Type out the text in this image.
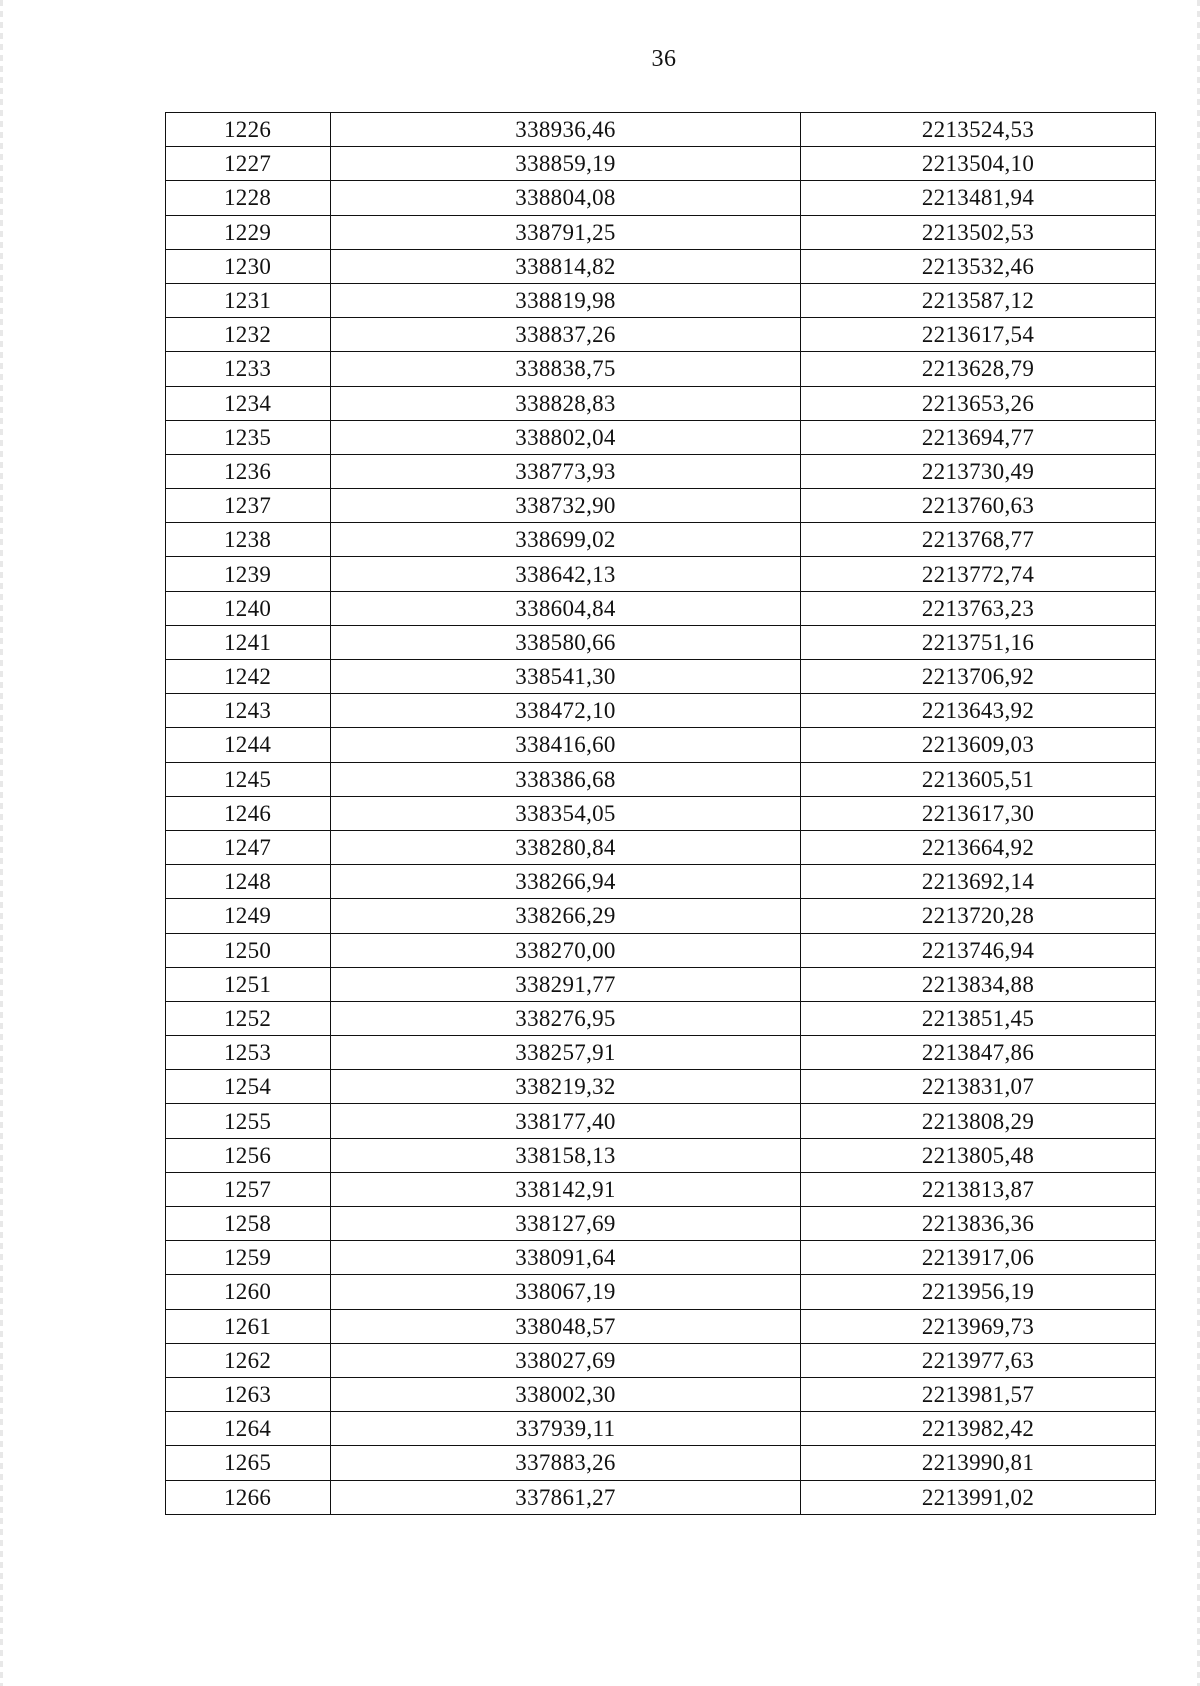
36
1226	338936,46	2213524,53
1227	338859,19	2213504,10
1228	338804,08	2213481,94
1229	338791,25	2213502,53
1230	338814,82	2213532,46
1231	338819,98	2213587,12
1232	338837,26	2213617,54
1233	338838,75	2213628,79
1234	338828,83	2213653,26
1235	338802,04	2213694,77
1236	338773,93	2213730,49
1237	338732,90	2213760,63
1238	338699,02	2213768,77
1239	338642,13	2213772,74
1240	338604,84	2213763,23
1241	338580,66	2213751,16
1242	338541,30	2213706,92
1243	338472,10	2213643,92
1244	338416,60	2213609,03
1245	338386,68	2213605,51
1246	338354,05	2213617,30
1247	338280,84	2213664,92
1248	338266,94	2213692,14
1249	338266,29	2213720,28
1250	338270,00	2213746,94
1251	338291,77	2213834,88
1252	338276,95	2213851,45
1253	338257,91	2213847,86
1254	338219,32	2213831,07
1255	338177,40	2213808,29
1256	338158,13	2213805,48
1257	338142,91	2213813,87
1258	338127,69	2213836,36
1259	338091,64	2213917,06
1260	338067,19	2213956,19
1261	338048,57	2213969,73
1262	338027,69	2213977,63
1263	338002,30	2213981,57
1264	337939,11	2213982,42
1265	337883,26	2213990,81
1266	337861,27	2213991,02
